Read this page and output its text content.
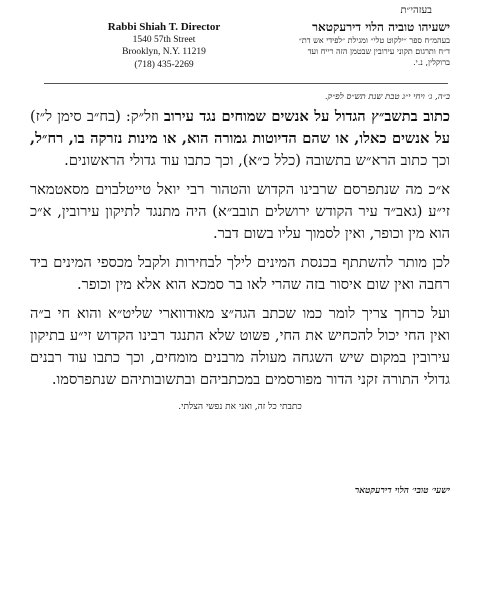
בעזהי״ת
Rabbi Shiah T. Director
1540 57th Street
Brooklyn, N.Y. 11219
(718) 435-2269
ישעיהו טוביה הלוי דירעקטאר
בעהמ״ח ספר ״ילקוט טלי״ ומגילת ״לפידי אש דת״
ד״ח ותרגום תקוני עירובין שבטמן הזה רייח ועד
ברוקלין, נ.י.
ב״ה, ג׳ ויחי י״ג טבת שנת תש״ס לפ״ק.

כתוב בתשב״ץ הגדול על אנשים שמוחים נגד עירוב וזל״ק: (בח״ב סימן ל״ז) על אנשים כאלו, או שהם הדיוטות גמורה הוא, או מינות נזרקה בו, רח״ל, וכך כתוב הרא״ש בתשובה (כלל כ״א), וכך כתבו עוד גדולי הראשונים.

א״כ מה שנתפרסם שרבינו הקדוש והטהור רבי יואל טייטלבוים מסאטמאר זי״ע (גאב״ד עיר הקודש ירושלים תובב״א) היה מתנגד לתיקון עירובין, א״כ הוא מין וכופר, ואין לסמוך עליו בשום דבר.

לכן מותר להשתתף בכנסת המינים לילך לבחירות ולקבל מכספי המינים ביד רחבה ואין שום איסור בזה שהרי לאו בר סמכא הוא אלא מין וכופר.

ועל כרחך צריך לומר כמו שכתב הגה״צ מאודווארי שליט״א והוא חי ב״ה ואין החי יכול להכחיש את החי, פשוט שלא התנגד רבינו הקדוש זי״ע בתיקון עירובין במקום שיש השגחה מעולה מרבנים מומחים, וכך כתבו עוד רבנים גדולי התורה זקני הדור מפורסמים במכתביהם ובתשובותיהם שנתפרסמו.

כתבתי כל זה, ואני את נפשי הצלתי.
ישעי׳ טובי׳ הלוי דירעקטאר
